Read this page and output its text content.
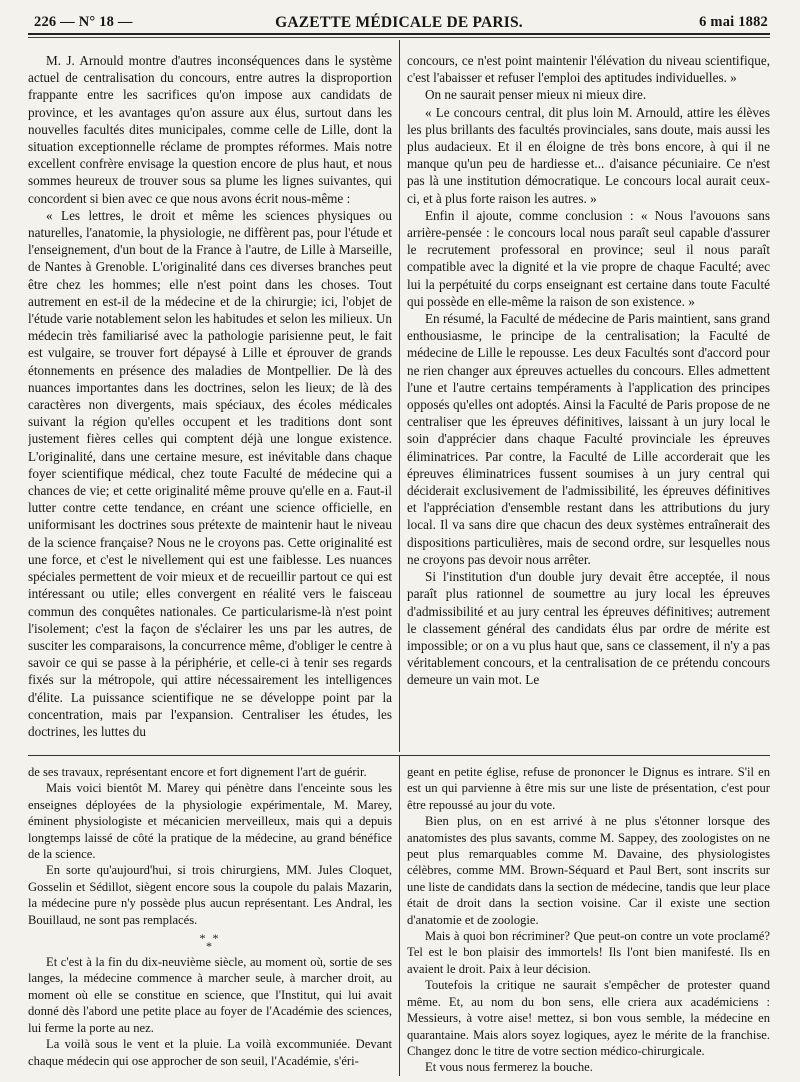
226 — N° 18 —	GAZETTE MÉDICALE DE PARIS.	6 mai 1882

M. J. Arnould montre d'autres inconséquences dans le système actuel de centralisation du concours, entre autres la disproportion frappante entre les sacrifices qu'on impose aux candidats de province, et les avantages qu'on assure aux élus, surtout dans les nouvelles facultés dites municipales, comme celle de Lille, dont la situation exceptionnelle réclame de promptes réformes. Mais notre excellent confrère envisage la question encore de plus haut, et nous sommes heureux de trouver sous sa plume les lignes suivantes, qui concordent si bien avec ce que nous avons écrit nous-même :

« Les lettres, le droit et même les sciences physiques ou naturelles, l'anatomie, la physiologie, ne diffèrent pas, pour l'étude et l'enseignement, d'un bout de la France à l'autre, de Lille à Marseille, de Nantes à Grenoble. L'originalité dans ces diverses branches peut être chez les hommes; elle n'est point dans les choses. Tout autrement en est-il de la médecine et de la chirurgie; ici, l'objet de l'étude varie notablement selon les habitudes et selon les milieux. Un médecin très familiarisé avec la pathologie parisienne peut, le fait est vulgaire, se trouver fort dépaysé à Lille et éprouver de grands étonnements en présence des maladies de Montpellier. De là des nuances importantes dans les doctrines, selon les lieux; de là des caractères non divergents, mais spéciaux, des écoles médicales suivant la région qu'elles occupent et les traditions dont sont justement fières celles qui comptent déjà une longue existence. L'originalité, dans une certaine mesure, est inévitable dans chaque foyer scientifique médical, chez toute Faculté de médecine qui a chances de vie; et cette originalité même prouve qu'elle en a. Faut-il lutter contre cette tendance, en créant une science officielle, en uniformisant les doctrines sous prétexte de maintenir haut le niveau de la science française? Nous ne le croyons pas. Cette originalité est une force, et c'est le nivellement qui est une faiblesse. Les nuances spéciales permettent de voir mieux et de recueillir partout ce qui est intéressant ou utile; elles convergent en réalité vers le faisceau commun des conquêtes nationales. Ce particularisme-là n'est point l'isolement; c'est la façon de s'éclairer les uns par les autres, de susciter les comparaisons, la concurrence même, d'obliger le centre à savoir ce qui se passe à la périphérie, et celle-ci à tenir ses regards fixés sur la métropole, qui attire nécessairement les intelligences d'élite. La puissance scientifique ne se développe point par la concentration, mais par l'expansion. Centraliser les études, les doctrines, les luttes du

concours, ce n'est point maintenir l'élévation du niveau scientifique, c'est l'abaisser et refuser l'emploi des aptitudes individuelles. »

On ne saurait penser mieux ni mieux dire.

« Le concours central, dit plus loin M. Arnould, attire les élèves les plus brillants des facultés provinciales, sans doute, mais aussi les plus audacieux. Et il en éloigne de très bons encore, à qui il ne manque qu'un peu de hardiesse et... d'aisance pécuniaire. Ce n'est pas là une institution démocratique. Le concours local aurait ceux-ci, et à plus forte raison les autres. »

Enfin il ajoute, comme conclusion : « Nous l'avouons sans arrière-pensée : le concours local nous paraît seul capable d'assurer le recrutement professoral en province; seul il nous paraît compatible avec la dignité et la vie propre de chaque Faculté; avec lui la perpétuité du corps enseignant est certaine dans toute Faculté qui possède en elle-même la raison de son existence. »

En résumé, la Faculté de médecine de Paris maintient, sans grand enthousiasme, le principe de la centralisation; la Faculté de médecine de Lille le repousse. Les deux Facultés sont d'accord pour ne rien changer aux épreuves actuelles du concours. Elles admettent l'une et l'autre certains tempéraments à l'application des principes opposés qu'elles ont adoptés. Ainsi la Faculté de Paris propose de ne centraliser que les épreuves définitives, laissant à un jury local le soin d'apprécier dans chaque Faculté provinciale les épreuves éliminatrices. Par contre, la Faculté de Lille accorderait que les épreuves éliminatrices fussent soumises à un jury central qui déciderait exclusivement de l'admissibilité, les épreuves définitives et l'appréciation d'ensemble restant dans les attributions du jury local. Il va sans dire que chacun des deux systèmes entraînerait des dispositions particulières, mais de second ordre, sur lesquelles nous ne croyons pas devoir nous arrêter.

Si l'institution d'un double jury devait être acceptée, il nous paraît plus rationnel de soumettre au jury local les épreuves d'admissibilité et au jury central les épreuves définitives; autrement le classement général des candidats élus par ordre de mérite est impossible; or on a vu plus haut que, sans ce classement, il n'y a pas véritablement concours, et la centralisation de ce prétendu concours demeure un vain mot. Le

de ses travaux, représentant encore et fort dignement l'art de guérir.

Mais voici bientôt M. Marey qui pénètre dans l'enceinte sous les enseignes déployées de la physiologie expérimentale, M. Marey, éminent physiologiste et mécanicien merveilleux, mais qui a depuis longtemps laissé de côté la pratique de la médecine, au grand bénéfice de la science.

En sorte qu'aujourd'hui, si trois chirurgiens, MM. Jules Cloquet, Gosselin et Sédillot, siègent encore sous la coupole du palais Mazarin, la médecine pure n'y possède plus aucun représentant. Les Andral, les Bouillaud, ne sont pas remplacés.

* *
*

Et c'est à la fin du dix-neuvième siècle, au moment où, sortie de ses langes, la médecine commence à marcher seule, à marcher droit, au moment où elle se constitue en science, que l'Institut, qui lui avait donné dès l'abord une petite place au foyer de l'Académie des sciences, lui ferme la porte au nez.

La voilà sous le vent et la pluie. La voilà excommuniée. Devant chaque médecin qui ose approcher de son seuil, l'Académie, s'éri-

geant en petite église, refuse de prononcer le Dignus es intrare. S'il en est un qui parvienne à être mis sur une liste de présentation, c'est pour être repoussé au jour du vote.

Bien plus, on en est arrivé à ne plus s'étonner lorsque des anatomistes des plus savants, comme M. Sappey, des zoologistes on ne peut plus remarquables comme M. Davaine, des physiologistes célèbres, comme MM. Brown-Séquard et Paul Bert, sont inscrits sur une liste de candidats dans la section de médecine, tandis que leur place était de droit dans la section voisine. Car il existe une section d'anatomie et de zoologie.

Mais à quoi bon récriminer? Que peut-on contre un vote proclamé? Tel est le bon plaisir des immortels! Ils l'ont bien manifesté. Ils en avaient le droit. Paix à leur décision.

Toutefois la critique ne saurait s'empêcher de protester quand même. Et, au nom du bon sens, elle criera aux académiciens : Messieurs, à votre aise! mettez, si bon vous semble, la médecine en quarantaine. Mais alors soyez logiques, ayez le mérite de la franchise. Changez donc le titre de votre section médico-chirurgicale.

Et vous nous fermerez la bouche.
